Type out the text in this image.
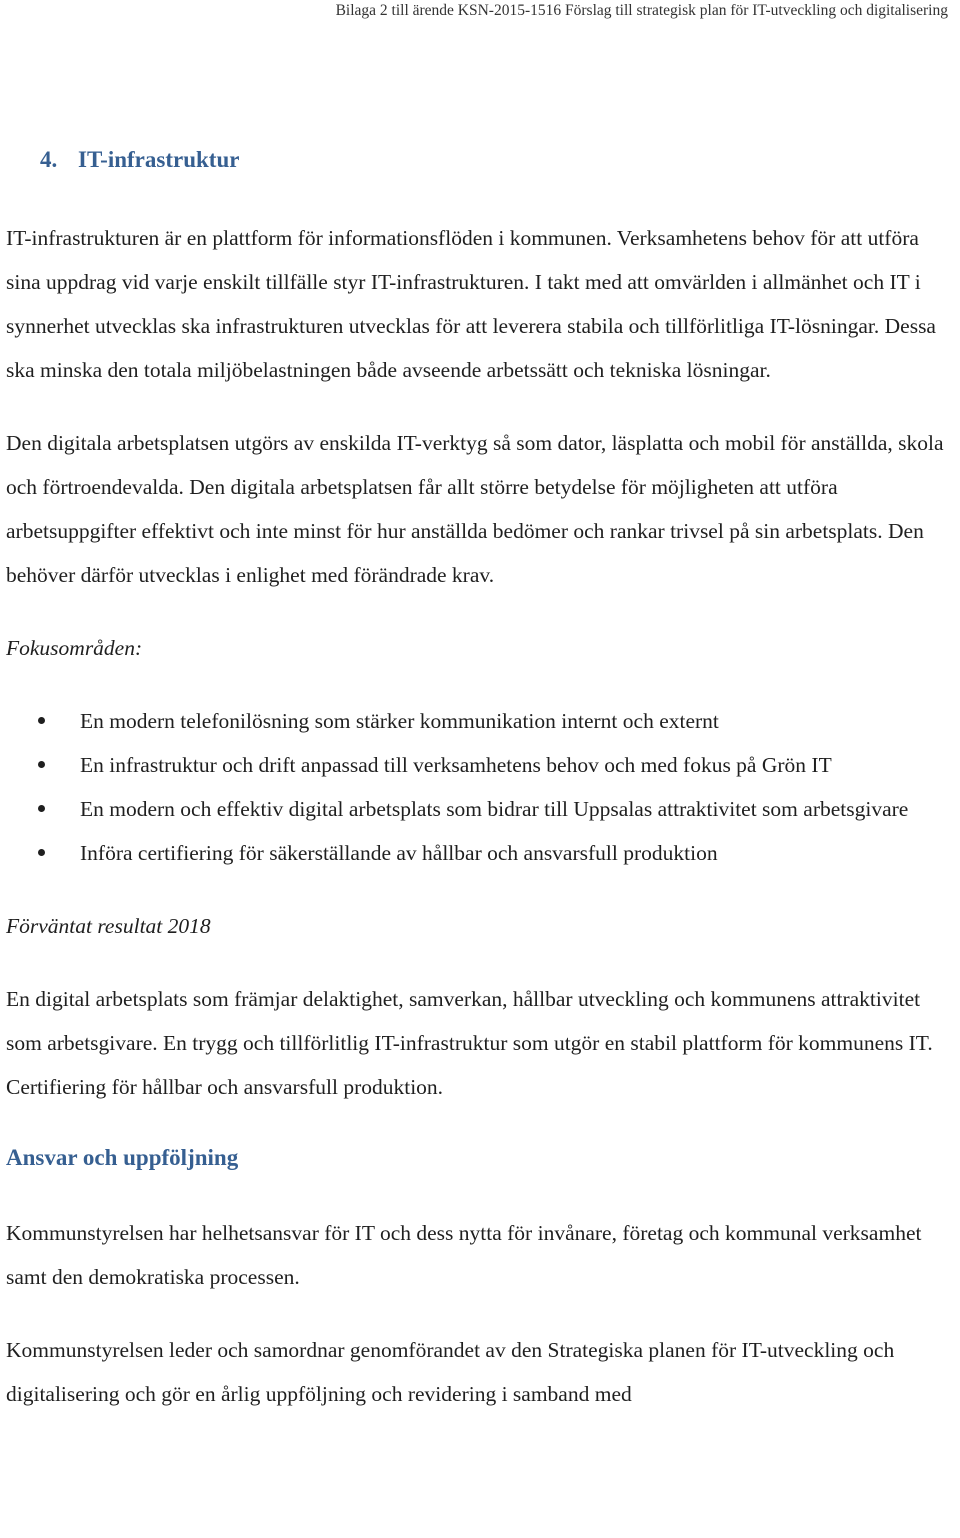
Bilaga 2 till ärende KSN-2015-1516 Förslag till strategisk plan för IT-utveckling och digitalisering
4. IT-infrastruktur

IT-infrastrukturen är en plattform för informationsflöden i kommunen. Verksamhetens behov för att utföra sina uppdrag vid varje enskilt tillfälle styr IT-infrastrukturen. I takt med att omvärlden i allmänhet och IT i synnerhet utvecklas ska infrastrukturen utvecklas för att leverera stabila och tillförlitliga IT-lösningar. Dessa ska minska den totala miljöbelastningen både avseende arbetssätt och tekniska lösningar.

Den digitala arbetsplatsen utgörs av enskilda IT-verktyg så som dator, läsplatta och mobil för anställda, skola och förtroendevalda. Den digitala arbetsplatsen får allt större betydelse för möjligheten att utföra arbetsuppgifter effektivt och inte minst för hur anställda bedömer och rankar trivsel på sin arbetsplats. Den behöver därför utvecklas i enlighet med förändrade krav.

Fokusområden:

En modern telefonilösning som stärker kommunikation internt och externt
En infrastruktur och drift anpassad till verksamhetens behov och med fokus på Grön IT
En modern och effektiv digital arbetsplats som bidrar till Uppsalas attraktivitet som arbetsgivare
Införa certifiering för säkerställande av hållbar och ansvarsfull produktion

Förväntat resultat 2018

En digital arbetsplats som främjar delaktighet, samverkan, hållbar utveckling och kommunens attraktivitet som arbetsgivare. En trygg och tillförlitlig IT-infrastruktur som utgör en stabil plattform för kommunens IT. Certifiering för hållbar och ansvarsfull produktion.

Ansvar och uppföljning

Kommunstyrelsen har helhetsansvar för IT och dess nytta för invånare, företag och kommunal verksamhet samt den demokratiska processen.

Kommunstyrelsen leder och samordnar genomförandet av den Strategiska planen för IT-utveckling och digitalisering och gör en årlig uppföljning och revidering i samband med
